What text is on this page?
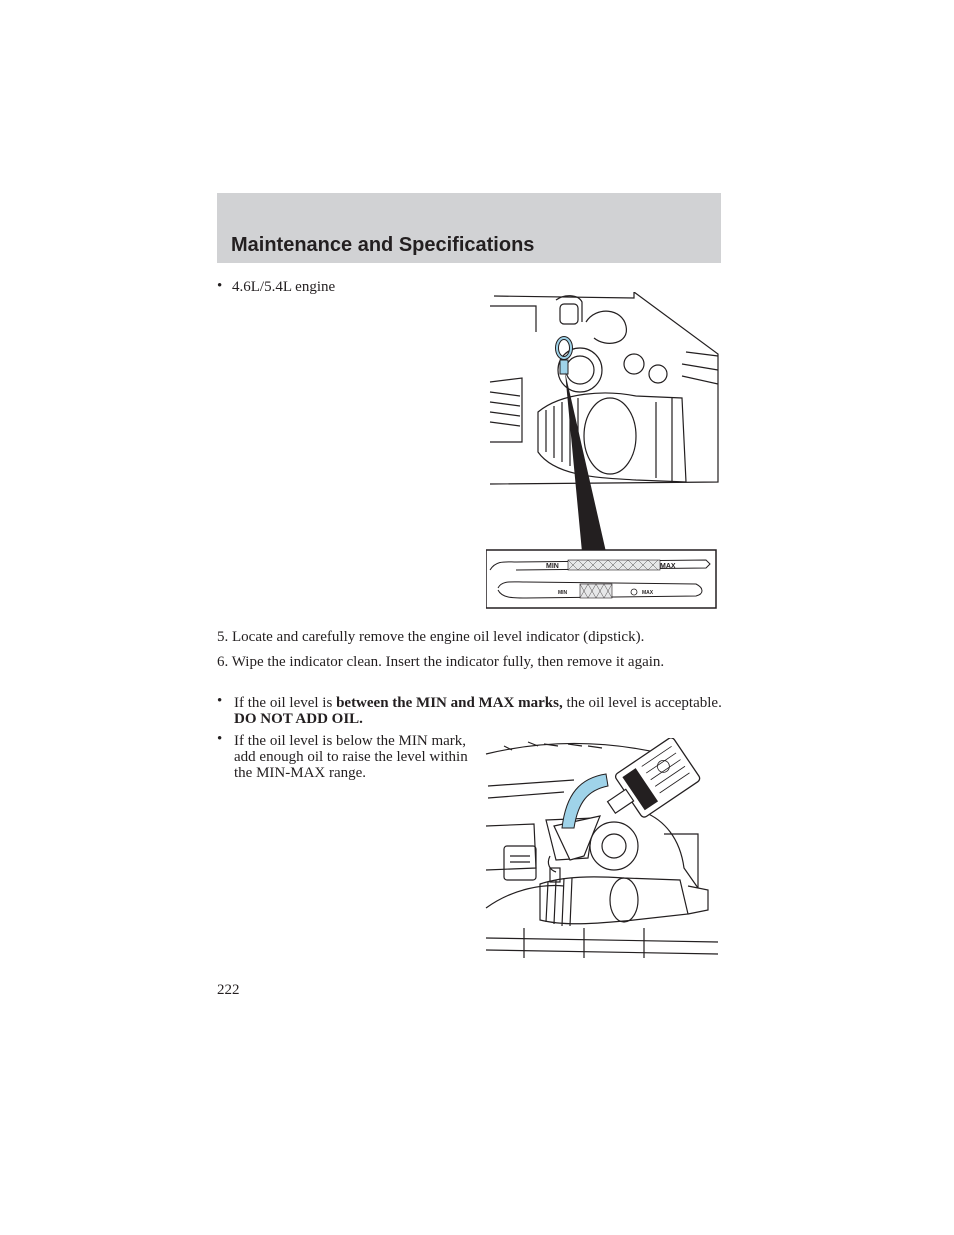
Maintenance and Specifications
• 4.6L/5.4L engine
MIN	MAX
MIN	MAX
5. Locate and carefully remove the engine oil level indicator (dipstick).
6. Wipe the indicator clean. Insert the indicator fully, then remove it again.
• If the oil level is between the MIN and MAX marks, the oil level is acceptable. DO NOT ADD OIL.
• If the oil level is below the MIN mark, add enough oil to raise the level within the MIN-MAX range.
222
